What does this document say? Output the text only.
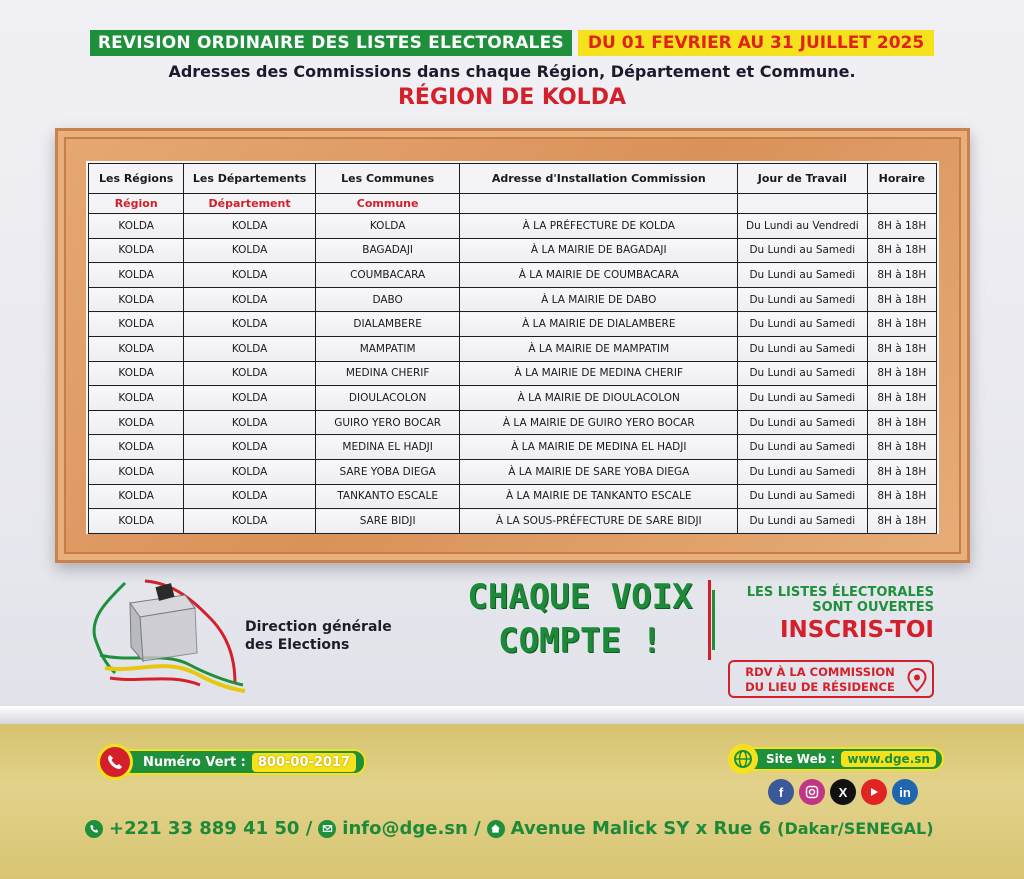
REVISION ORDINAIRE DES LISTES ELECTORALES	DU 01 FEVRIER AU 31 JUILLET 2025
Adresses des Commissions dans chaque Région, Département et Commune.
RÉGION DE KOLDA
Les Régions	Les Départements	Les Communes	Adresse d'Installation Commission	Jour de Travail	Horaire
Région	Département	Commune			
KOLDA	KOLDA	KOLDA	À LA PRÉFECTURE DE KOLDA	Du Lundi au Vendredi	8H à 18H
KOLDA	KOLDA	BAGADAJI	À LA MAIRIE DE BAGADAJI	Du Lundi au Samedi	8H à 18H
KOLDA	KOLDA	COUMBACARA	À LA MAIRIE DE COUMBACARA	Du Lundi au Samedi	8H à 18H
KOLDA	KOLDA	DABO	À LA MAIRIE DE DABO	Du Lundi au Samedi	8H à 18H
KOLDA	KOLDA	DIALAMBERE	À LA MAIRIE DE DIALAMBERE	Du Lundi au Samedi	8H à 18H
KOLDA	KOLDA	MAMPATIM	À LA MAIRIE DE MAMPATIM	Du Lundi au Samedi	8H à 18H
KOLDA	KOLDA	MEDINA CHERIF	À LA MAIRIE DE MEDINA CHERIF	Du Lundi au Samedi	8H à 18H
KOLDA	KOLDA	DIOULACOLON	À LA MAIRIE DE DIOULACOLON	Du Lundi au Samedi	8H à 18H
KOLDA	KOLDA	GUIRO YERO BOCAR	À LA MAIRIE DE GUIRO YERO BOCAR	Du Lundi au Samedi	8H à 18H
KOLDA	KOLDA	MEDINA EL HADJI	À LA MAIRIE DE MEDINA EL HADJI	Du Lundi au Samedi	8H à 18H
KOLDA	KOLDA	SARE YOBA DIEGA	À LA MAIRIE DE SARE YOBA DIEGA	Du Lundi au Samedi	8H à 18H
KOLDA	KOLDA	TANKANTO ESCALE	À LA MAIRIE DE TANKANTO ESCALE	Du Lundi au Samedi	8H à 18H
KOLDA	KOLDA	SARE BIDJI	À LA SOUS-PRÉFECTURE DE SARE BIDJI	Du Lundi au Samedi	8H à 18H
Direction générale
des Elections
CHAQUE VOIX
COMPTE !
LES LISTES ÉLECTORALES
SONT OUVERTES
INSCRIS-TOI
RDV À LA COMMISSION
DU LIEU DE RÉSIDENCE
Numéro Vert : 800-00-2017	Site Web :	www.dge.sn
f	X	in
+221 33 889 41 50 / info@dge.sn / Avenue Malick SY x Rue 6 (Dakar/SENEGAL)
